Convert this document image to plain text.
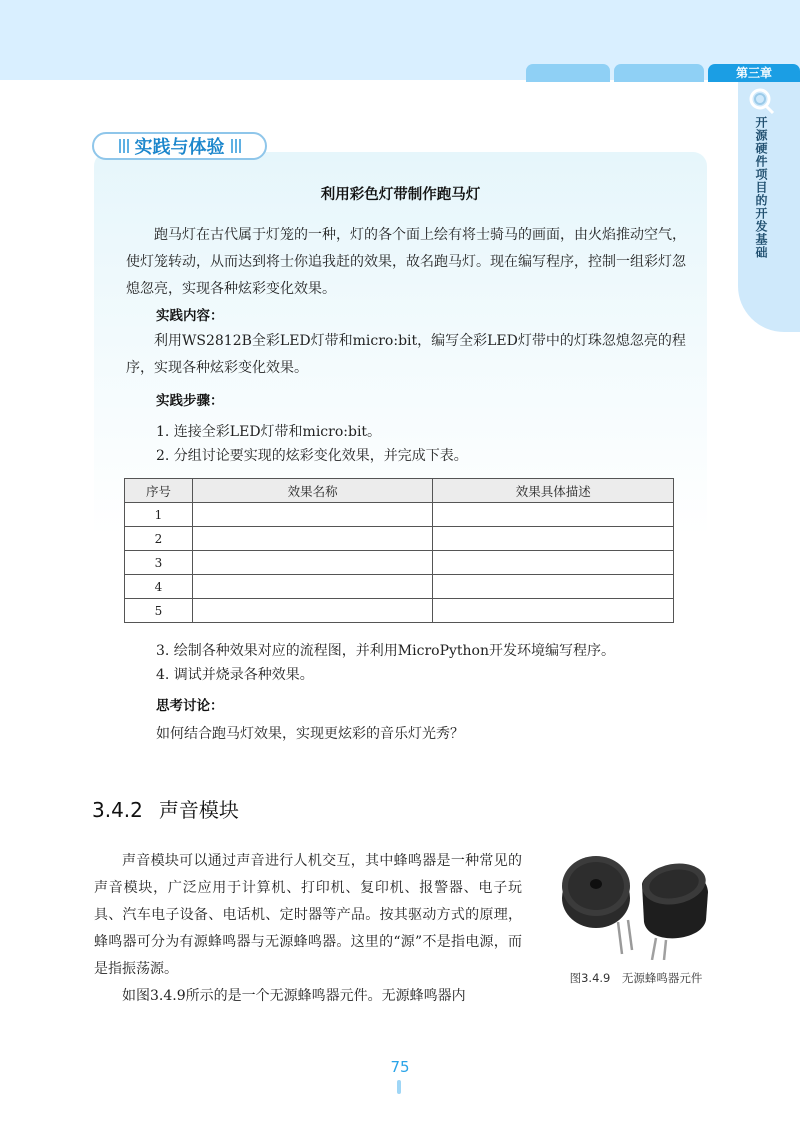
第三章
开源硬件项目的开发基础
实践与体验
利用彩色灯带制作跑马灯
跑马灯在古代属于灯笼的一种，灯的各个面上绘有将士骑马的画面，由火焰推动空气，使灯笼转动，从而达到将士你追我赶的效果，故名跑马灯。现在编写程序，控制一组彩灯忽熄忽亮，实现各种炫彩变化效果。
实践内容：
利用WS2812B全彩LED灯带和micro:bit，编写全彩LED灯带中的灯珠忽熄忽亮的程序，实现各种炫彩变化效果。
实践步骤：
1. 连接全彩LED灯带和micro:bit。
2. 分组讨论要实现的炫彩变化效果，并完成下表。
序号	效果名称	效果具体描述
1		
2		
3		
4		
5		
3. 绘制各种效果对应的流程图，并利用MicroPython开发环境编写程序。
4. 调试并烧录各种效果。
思考讨论：
如何结合跑马灯效果，实现更炫彩的音乐灯光秀？
3.4.2 声音模块

声音模块可以通过声音进行人机交互，其中蜂鸣器是一种常见的声音模块，广泛应用于计算机、打印机、复印机、报警器、电子玩具、汽车电子设备、电话机、定时器等产品。按其驱动方式的原理，蜂鸣器可分为有源蜂鸣器与无源蜂鸣器。这里的“源”不是指电源，而是指振荡源。

如图3.4.9所示的是一个无源蜂鸣器元件。无源蜂鸣器内

图3.4.9　无源蜂鸣器元件
75
